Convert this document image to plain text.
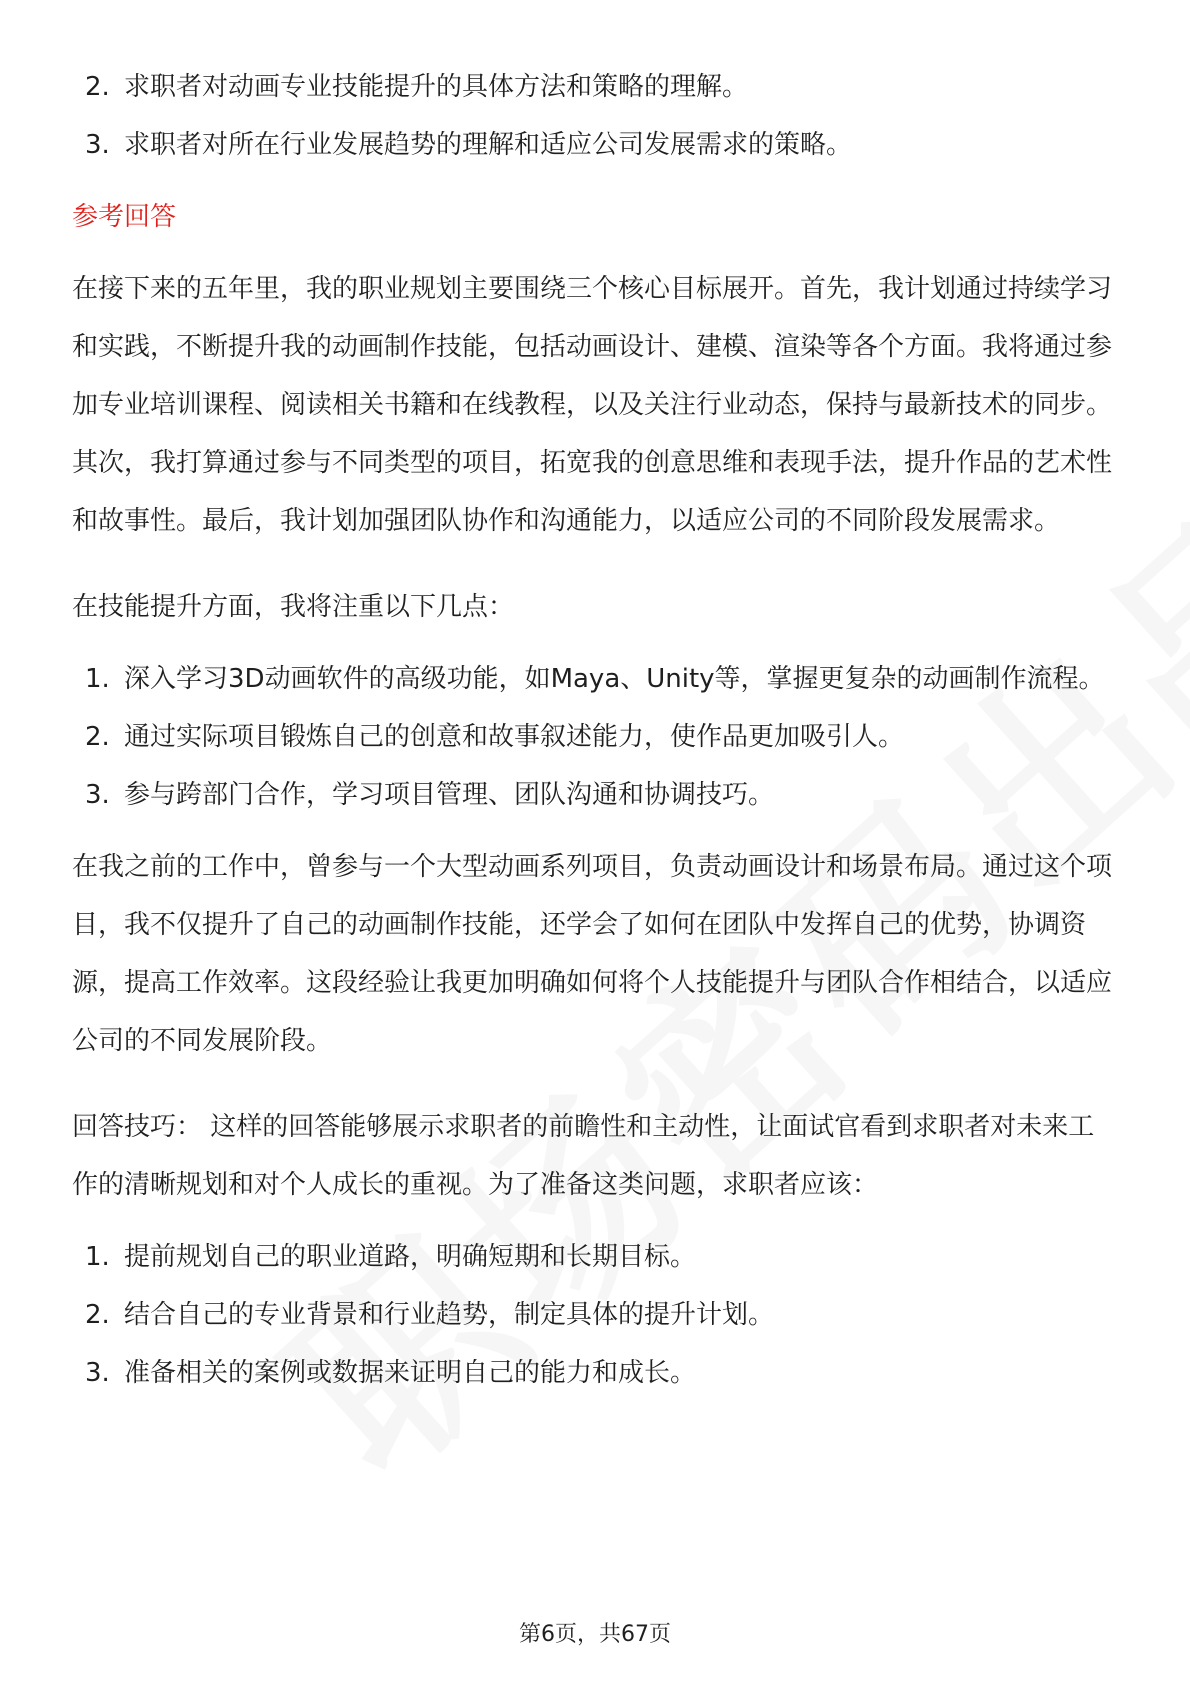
2. 求职者对动画专业技能提升的具体方法和策略的理解。
3. 求职者对所在行业发展趋势的理解和适应公司发展需求的策略。
参考回答

在接下来的五年里，我的职业规划主要围绕三个核心目标展开。首先，我计划通过持续学习和实践，不断提升我的动画制作技能，包括动画设计、建模、渲染等各个方面。我将通过参加专业培训课程、阅读相关书籍和在线教程，以及关注行业动态，保持与最新技术的同步。其次，我打算通过参与不同类型的项目，拓宽我的创意思维和表现手法，提升作品的艺术性和故事性。最后，我计划加强团队协作和沟通能力，以适应公司的不同阶段发展需求。

在技能提升方面，我将注重以下几点：

1. 深入学习3D动画软件的高级功能，如Maya、Unity等，掌握更复杂的动画制作流程。
2. 通过实际项目锻炼自己的创意和故事叙述能力，使作品更加吸引人。
3. 参与跨部门合作，学习项目管理、团队沟通和协调技巧。

在我之前的工作中，曾参与一个大型动画系列项目，负责动画设计和场景布局。通过这个项目，我不仅提升了自己的动画制作技能，还学会了如何在团队中发挥自己的优势，协调资源，提高工作效率。这段经验让我更加明确如何将个人技能提升与团队合作相结合，以适应公司的不同发展阶段。

回答技巧： 这样的回答能够展示求职者的前瞻性和主动性，让面试官看到求职者对未来工作的清晰规划和对个人成长的重视。为了准备这类问题，求职者应该：

1. 提前规划自己的职业道路，明确短期和长期目标。
2. 结合自己的专业背景和行业趋势，制定具体的提升计划。
3. 准备相关的案例或数据来证明自己的能力和成长。
第6页，共67页
